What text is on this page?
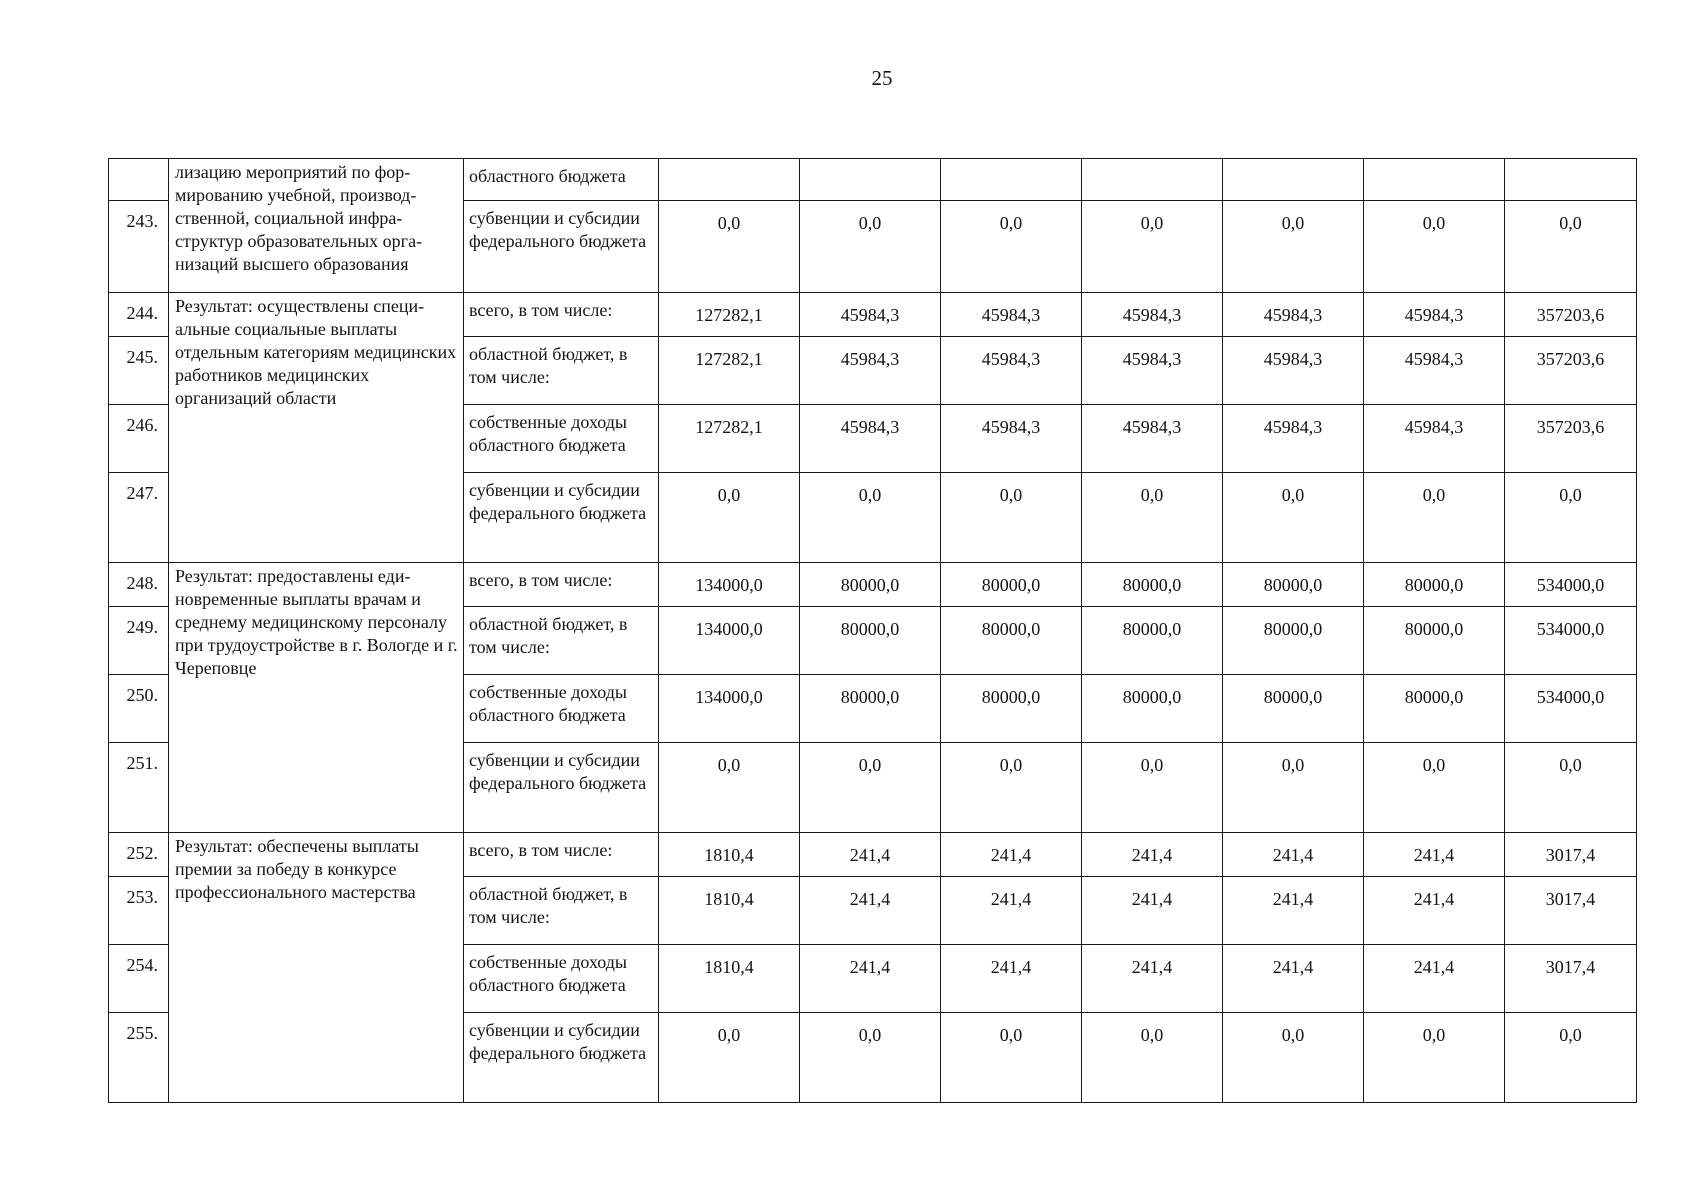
25
	лизацию мероприятий по формированию учебной, производственной, социальной инфраструктур образовательных организаций высшего образования	областного бюджета							
243.		субвенции и субсидии федерального бюджета	0,0	0,0	0,0	0,0	0,0	0,0	0,0
244.	Результат: осуществлены специальные социальные выплаты отдельным категориям медицинских работников медицинских организаций области	всего, в том числе:	127282,1	45984,3	45984,3	45984,3	45984,3	45984,3	357203,6
245.		областной бюджет, в том числе:	127282,1	45984,3	45984,3	45984,3	45984,3	45984,3	357203,6
246.		собственные доходы областного бюджета	127282,1	45984,3	45984,3	45984,3	45984,3	45984,3	357203,6
247.		субвенции и субсидии федерального бюджета	0,0	0,0	0,0	0,0	0,0	0,0	0,0
248.	Результат: предоставлены единовременные выплаты врачам и среднему медицинскому персоналу при трудоустройстве в г. Вологде и г. Череповце	всего, в том числе:	134000,0	80000,0	80000,0	80000,0	80000,0	80000,0	534000,0
249.		областной бюджет, в том числе:	134000,0	80000,0	80000,0	80000,0	80000,0	80000,0	534000,0
250.		собственные доходы областного бюджета	134000,0	80000,0	80000,0	80000,0	80000,0	80000,0	534000,0
251.		субвенции и субсидии федерального бюджета	0,0	0,0	0,0	0,0	0,0	0,0	0,0
252.	Результат: обеспечены выплаты премии за победу в конкурсе профессионального мастерства	всего, в том числе:	1810,4	241,4	241,4	241,4	241,4	241,4	3017,4
253.		областной бюджет, в том числе:	1810,4	241,4	241,4	241,4	241,4	241,4	3017,4
254.		собственные доходы областного бюджета	1810,4	241,4	241,4	241,4	241,4	241,4	3017,4
255.		субвенции и субсидии федерального бюджета	0,0	0,0	0,0	0,0	0,0	0,0	0,0
